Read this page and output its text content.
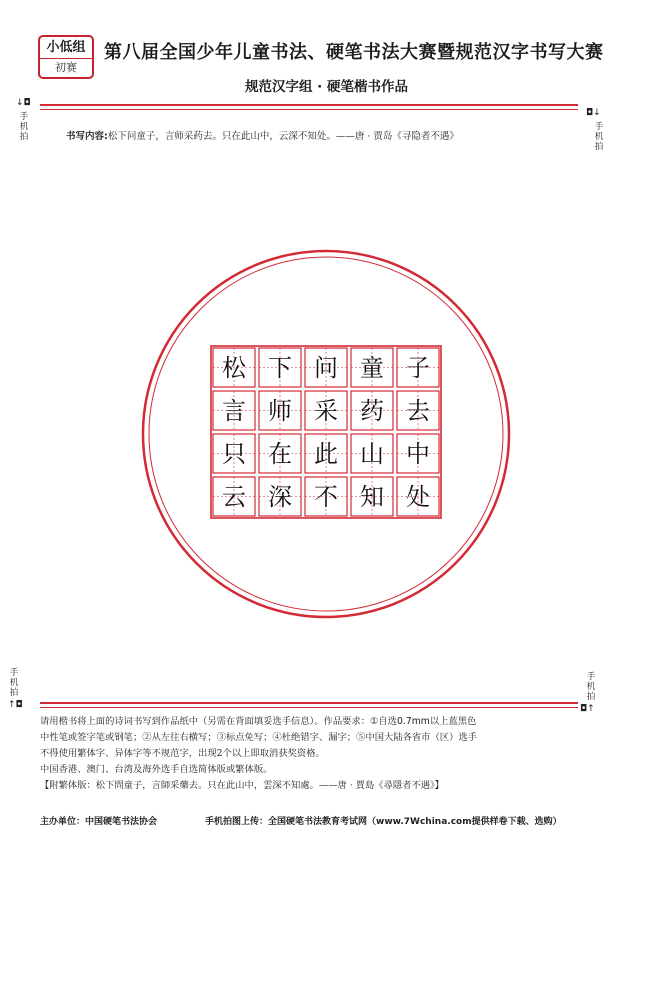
小低组
初赛
第八届全国少年儿童书法、硬笔书法大赛暨规范汉字书写大赛
规范汉字组 · 硬笔楷书作品
↓◘
手机拍
◘↓
手机拍
书写内容:松下问童子，言师采药去。只在此山中，云深不知处。——唐 · 贾岛《寻隐者不遇》
松 下 问 童 子
言 师 采 药 去
只 在 此 山 中
云 深 不 知 处
手机拍
↑◘
手机拍
◘↑
请用楷书将上面的诗词书写到作品纸中（另需在背面填妥选手信息）。作品要求：①自选0.7mm以上蓝黑色
中性笔或签字笔或钢笔；②从左往右横写；③标点免写；④杜绝错字、漏字；⑤中国大陆各省市（区）选手
不得使用繁体字、异体字等不规范字，出现2个以上即取消获奖资格。
中国香港、澳门、台湾及海外选手自选简体版或繁体版。
【附繁体版：松下問童子，言師采藥去。只在此山中，雲深不知處。——唐 · 賈島《尋隱者不遇》】
主办单位：中国硬笔书法协会	手机拍图上传：全国硬笔书法教育考试网（www.7Wchina.com提供样卷下载、选购）
